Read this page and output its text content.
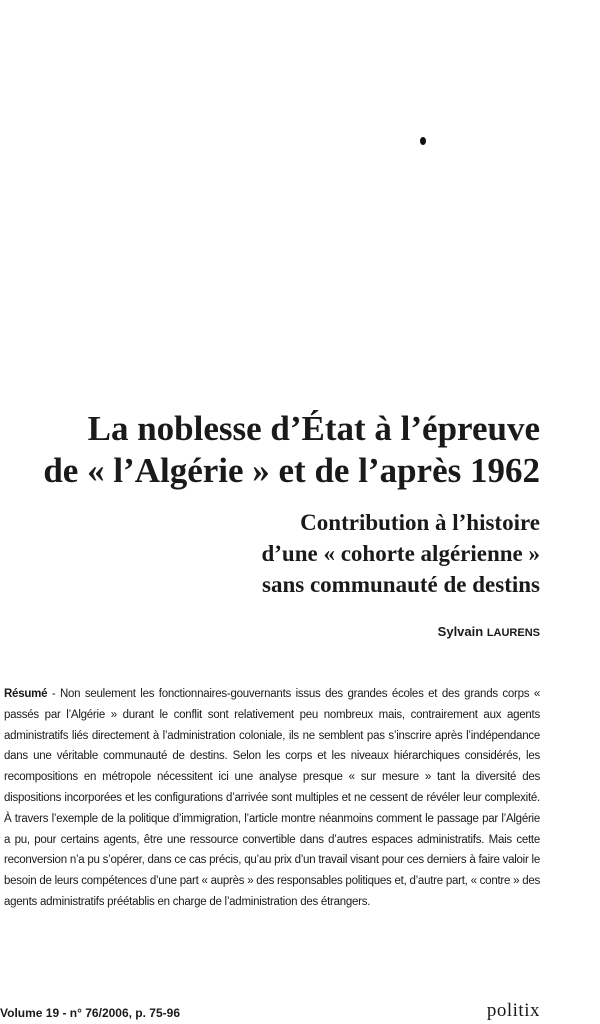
La noblesse d’État à l’épreuve
de « l’Algérie » et de l’après 1962
Contribution à l’histoire
d’une « cohorte algérienne »
sans communauté de destins
Sylvain LAURENS
Résumé - Non seulement les fonctionnaires-gouvernants issus des grandes écoles et des grands corps « passés par l’Algérie » durant le conflit sont relativement peu nombreux mais, contrairement aux agents administratifs liés directement à l’administration coloniale, ils ne semblent pas s’inscrire après l’indépendance dans une véritable communauté de destins. Selon les corps et les niveaux hiérarchiques considérés, les recompositions en métropole nécessitent ici une analyse presque « sur mesure » tant la diversité des dispositions incorporées et les configurations d’arrivée sont multiples et ne cessent de révéler leur complexité. À travers l’exemple de la politique d’immigration, l’article montre néanmoins comment le passage par l’Algérie a pu, pour certains agents, être une ressource convertible dans d’autres espaces administratifs. Mais cette reconversion n’a pu s’opérer, dans ce cas précis, qu’au prix d’un travail visant pour ces derniers à faire valoir le besoin de leurs compétences d’une part « auprès » des responsables politiques et, d’autre part, « contre » des agents administratifs préétablis en charge de l’administration des étrangers.
Volume 19 - n° 76/2006, p. 75-96	politix
